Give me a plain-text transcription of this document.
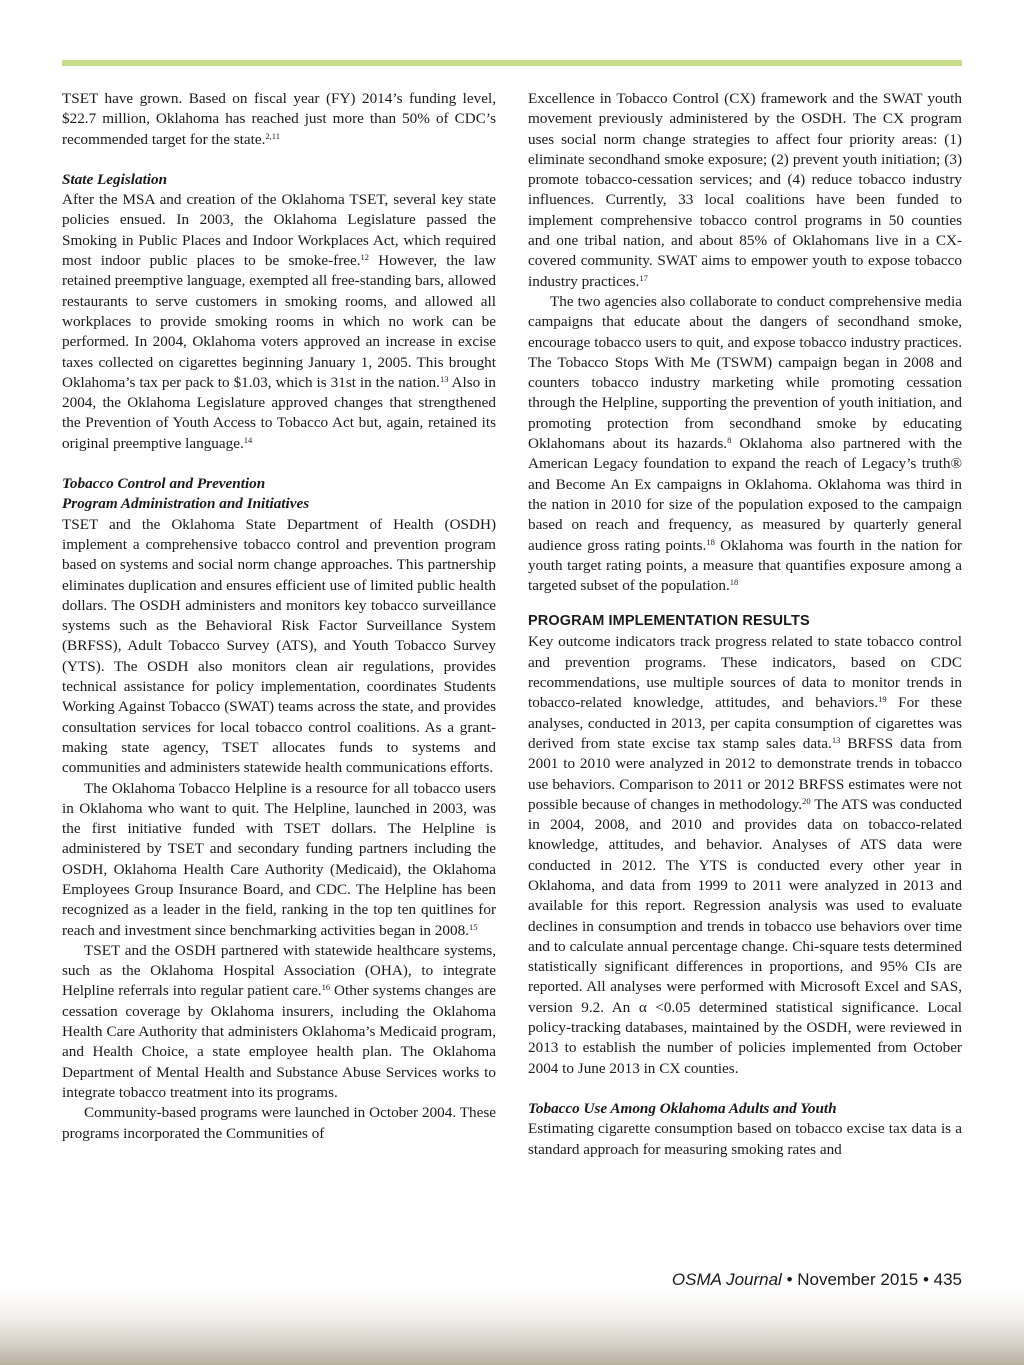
TSET have grown. Based on fiscal year (FY) 2014’s funding level, $22.7 million, Oklahoma has reached just more than 50% of CDC’s recommended target for the state.$^{2,11}$

State Legislation

After the MSA and creation of the Oklahoma TSET, several key state policies ensued. In 2003, the Oklahoma Legislature passed the Smoking in Public Places and Indoor Workplaces Act, which required most indoor public places to be smoke-free.$^{12}$ However, the law retained preemptive language, exempted all free-standing bars, allowed restaurants to serve customers in smoking rooms, and allowed all workplaces to provide smoking rooms in which no work can be performed. In 2004, Oklahoma voters approved an increase in excise taxes collected on cigarettes beginning January 1, 2005. This brought Oklahoma’s tax per pack to $1.03, which is 31st in the nation.$^{13}$ Also in 2004, the Oklahoma Legislature approved changes that strengthened the Prevention of Youth Access to Tobacco Act but, again, retained its original preemptive language.$^{14}$

Tobacco Control and Prevention
Program Administration and Initiatives

TSET and the Oklahoma State Department of Health (OSDH) implement a comprehensive tobacco control and prevention program based on systems and social norm change approaches. This partnership eliminates duplication and ensures efficient use of limited public health dollars. The OSDH administers and monitors key tobacco surveillance systems such as the Behavioral Risk Factor Surveillance System (BRFSS), Adult Tobacco Survey (ATS), and Youth Tobacco Survey (YTS). The OSDH also monitors clean air regulations, provides technical assistance for policy implementation, coordinates Students Working Against Tobacco (SWAT) teams across the state, and provides consultation services for local tobacco control coalitions. As a grant-making state agency, TSET allocates funds to systems and communities and administers statewide health communications efforts.

The Oklahoma Tobacco Helpline is a resource for all tobacco users in Oklahoma who want to quit. The Helpline, launched in 2003, was the first initiative funded with TSET dollars. The Helpline is administered by TSET and secondary funding partners including the OSDH, Oklahoma Health Care Authority (Medicaid), the Oklahoma Employees Group Insurance Board, and CDC. The Helpline has been recognized as a leader in the field, ranking in the top ten quitlines for reach and investment since benchmarking activities began in 2008.15

TSET and the OSDH partnered with statewide healthcare systems, such as the Oklahoma Hospital Association (OHA), to integrate Helpline referrals into regular patient care.$^{16}$ Other systems changes are cessation coverage by Oklahoma insurers, including the Oklahoma Health Care Authority that administers Oklahoma’s Medicaid program, and Health Choice, a state employee health plan. The Oklahoma Department of Mental Health and Substance Abuse Services works to integrate tobacco treatment into its programs.

Community-based programs were launched in October 2004. These programs incorporated the Communities of

Excellence in Tobacco Control (CX) framework and the SWAT youth movement previously administered by the OSDH. The CX program uses social norm change strategies to affect four priority areas: (1) eliminate secondhand smoke exposure; (2) prevent youth initiation; (3) promote tobacco-cessation services; and (4) reduce tobacco industry influences. Currently, 33 local coalitions have been funded to implement comprehensive tobacco control programs in 50 counties and one tribal nation, and about 85% of Oklahomans live in a CX-covered community. SWAT aims to empower youth to expose tobacco industry practices.$^{17}$

The two agencies also collaborate to conduct comprehensive media campaigns that educate about the dangers of secondhand smoke, encourage tobacco users to quit, and expose tobacco industry practices. The Tobacco Stops With Me (TSWM) campaign began in 2008 and counters tobacco industry marketing while promoting cessation through the Helpline, supporting the prevention of youth initiation, and promoting protection from secondhand smoke by educating Oklahomans about its hazards.$^8$ Oklahoma also partnered with the American Legacy foundation to expand the reach of Legacy’s truth® and Become An Ex campaigns in Oklahoma. Oklahoma was third in the nation in 2010 for size of the population exposed to the campaign based on reach and frequency, as measured by quarterly general audience gross rating points.$^{18}$ Oklahoma was fourth in the nation for youth target rating points, a measure that quantifies exposure among a targeted subset of the population.$^{18}$

PROGRAM IMPLEMENTATION RESULTS

Key outcome indicators track progress related to state tobacco control and prevention programs. These indicators, based on CDC recommendations, use multiple sources of data to monitor trends in tobacco-related knowledge, attitudes, and behaviors.$^{19}$ For these analyses, conducted in 2013, per capita consumption of cigarettes was derived from state excise tax stamp sales data.$^{13}$ BRFSS data from 2001 to 2010 were analyzed in 2012 to demonstrate trends in tobacco use behaviors. Comparison to 2011 or 2012 BRFSS estimates were not possible because of changes in methodology.$^{20}$ The ATS was conducted in 2004, 2008, and 2010 and provides data on tobacco-related knowledge, attitudes, and behavior. Analyses of ATS data were conducted in 2012. The YTS is conducted every other year in Oklahoma, and data from 1999 to 2011 were analyzed in 2013 and available for this report. Regression analysis was used to evaluate declines in consumption and trends in tobacco use behaviors over time and to calculate annual percentage change. Chi-square tests determined statistically significant differences in proportions, and 95% CIs are reported. All analyses were performed with Microsoft Excel and SAS, version 9.2. An α <0.05 determined statistical significance. Local policy-tracking databases, maintained by the OSDH, were reviewed in 2013 to establish the number of policies implemented from October 2004 to June 2013 in CX counties.

Tobacco Use Among Oklahoma Adults and Youth

Estimating cigarette consumption based on tobacco excise tax data is a standard approach for measuring smoking rates and

OSMA Journal • November 2015 • 435
